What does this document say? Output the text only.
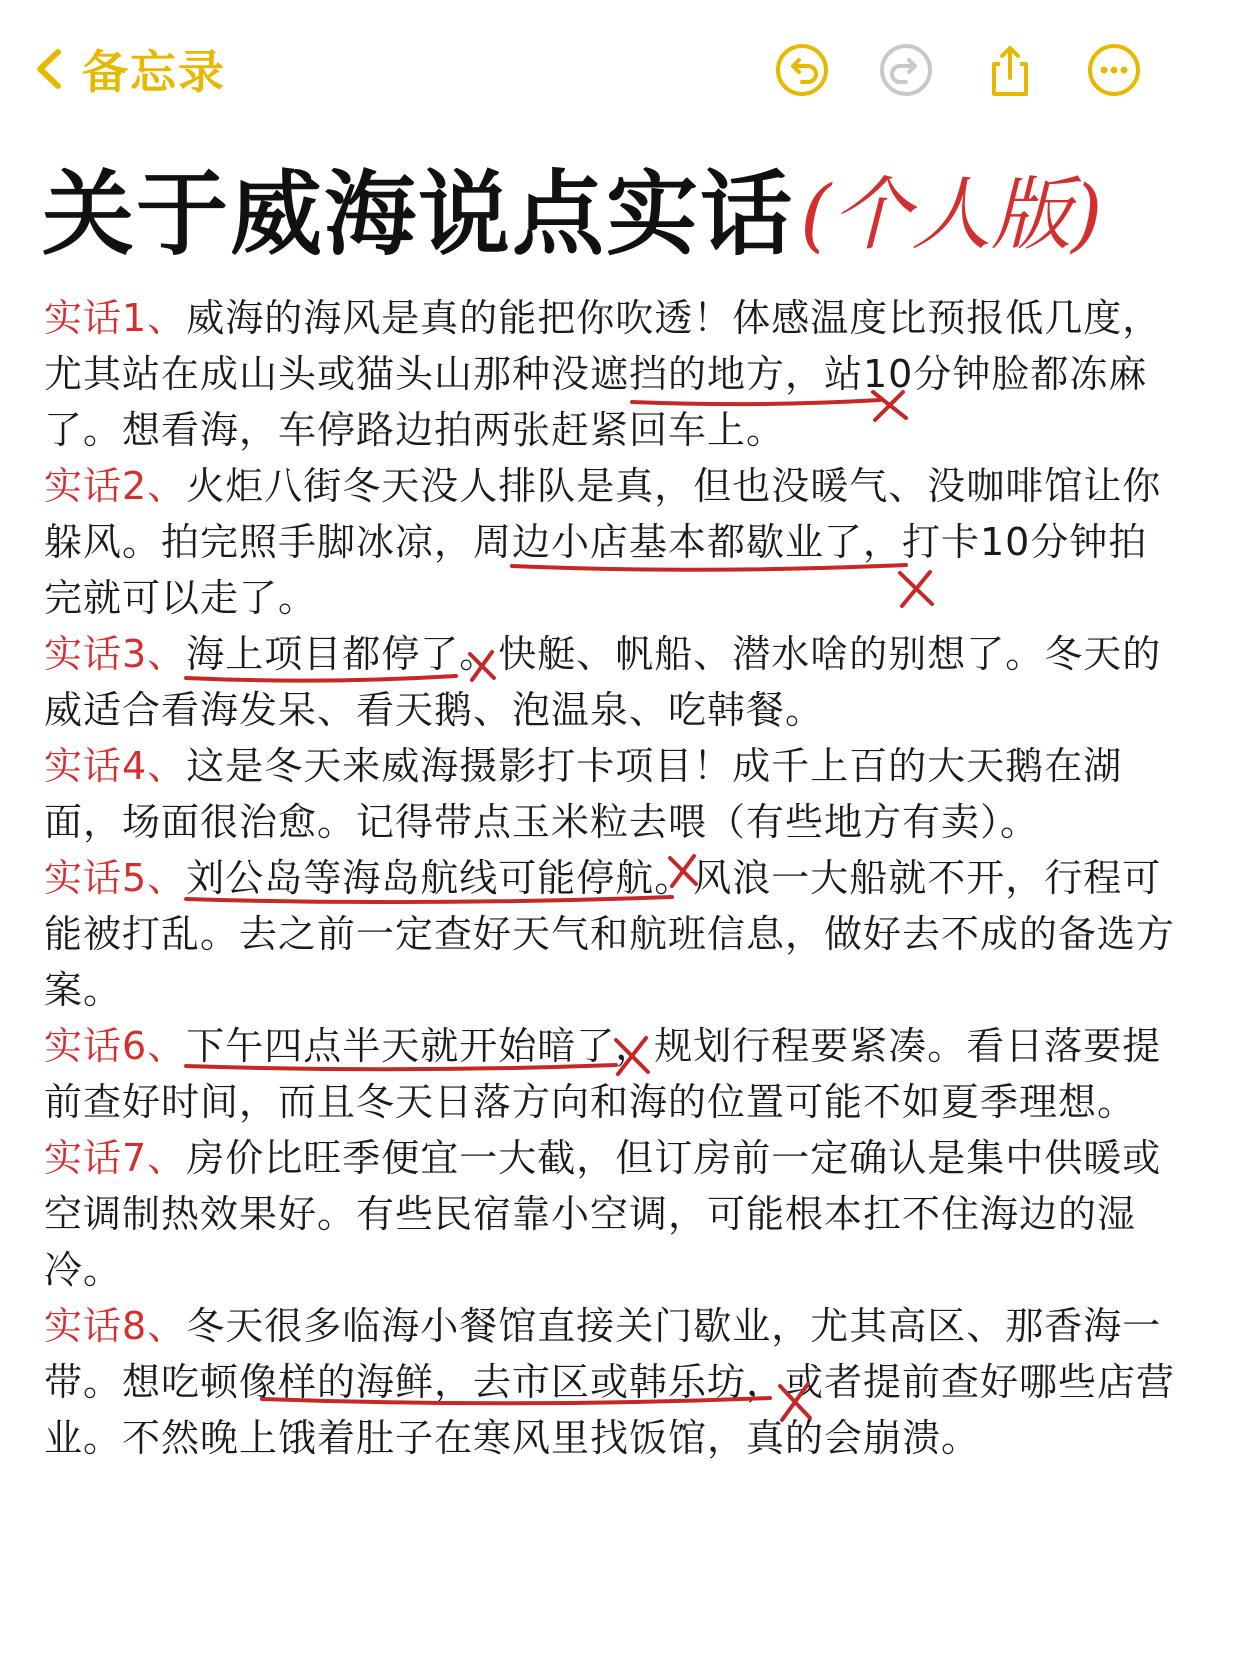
备忘录
关于威海说点实话 (个人版)

实话1、威海的海风是真的能把你吹透！体感温度比预报低几度，尤其站在成山头或猫头山那种没遮挡的地方，站10分钟脸都冻麻了。想看海，车停路边拍两张赶紧回车上。

实话2、火炬八街冬天没人排队是真，但也没暖气、没咖啡馆让你躲风。拍完照手脚冰凉，周边小店基本都歇业了，打卡10分钟拍完就可以走了。

实话3、海上项目都停了。快艇、帆船、潜水啥的别想了。冬天的威适合看海发呆、看天鹅、泡温泉、吃韩餐。

实话4、这是冬天来威海摄影打卡项目！成千上百的大天鹅在湖面，场面很治愈。记得带点玉米粒去喂（有些地方有卖）。

实话5、刘公岛等海岛航线可能停航。风浪一大船就不开，行程可能被打乱。去之前一定查好天气和航班信息，做好去不成的备选方案。

实话6、下午四点半天就开始暗了，规划行程要紧凑。看日落要提前查好时间，而且冬天日落方向和海的位置可能不如夏季理想。

实话7、房价比旺季便宜一大截，但订房前一定确认是集中供暖或空调制热效果好。有些民宿靠小空调，可能根本扛不住海边的湿冷。

实话8、冬天很多临海小餐馆直接关门歇业，尤其高区、那香海一带。想吃顿像样的海鲜，去市区或韩乐坊，或者提前查好哪些店营业。不然晚上饿着肚子在寒风里找饭馆，真的会崩溃。
